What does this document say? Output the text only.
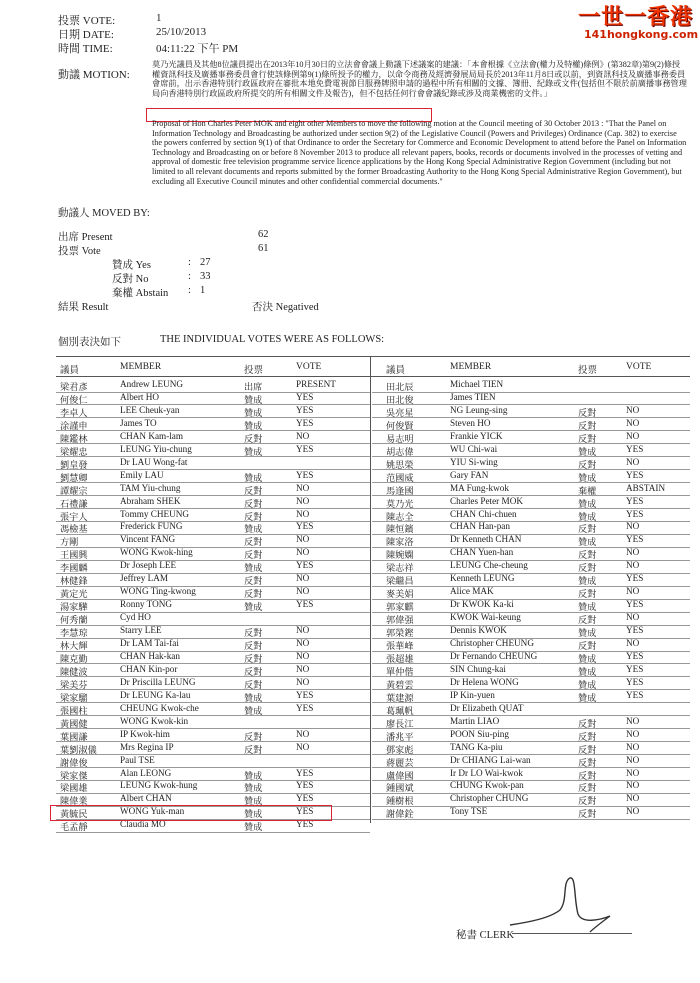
一世一香港
141hongkong.com
投票 VOTE:	1
日期 DATE:	25/10/2013
時間 TIME:	04:11:22 下午 PM
動議 MOTION:
莫乃光議員及其他8位議員提出在2013年10月30日的立法會會議上動議下述議案的建議：「本會根據《立法會(權力及特權)條例》(第382章)第9(2)條授權資訊科技及廣播事務委員會行使該條例第9(1)條所授予的權力，以命令商務及經濟發展局局長於2013年11月8日或以前，到資訊科技及廣播事務委員會席前，出示香港特別行政區政府在審批本地免費電視節目服務牌照申請的過程中所有相關的文據、簿冊、紀錄或文件(包括但不限於前廣播事務管理局向香港特別行政區政府所提交的所有相關文件及報告)，但不包括任何行會會議紀錄或涉及商業機密的文件。」
Proposal of Hon Charles Peter MOK and eight other Members to move the following motion at the Council meeting of 30 October 2013 : "That the Panel on Information Technology and Broadcasting be authorized under section 9(2) of the Legislative Council (Powers and Privileges) Ordinance (Cap. 382) to exercise the powers conferred by section 9(1) of that Ordinance to order the Secretary for Commerce and Economic Development to attend before the Panel on Information Technology and Broadcasting on or before 8 November 2013 to produce all relevant papers, books, records or documents involved in the processes of vetting and approval of domestic free television programme service licence applications by the Hong Kong Special Administrative Region Government (including but not limited to all relevant documents and reports submitted by the former Broadcasting Authority to the Hong Kong Special Administrative Region Government), but excluding all Executive Council minutes and other confidential commercial documents."
動議人 MOVED BY:
出席 Present	62
投票 Vote	61
贊成 Yes	: 27
反對 No	: 33
棄權 Abstain : 1
結果 Result	否決 Negatived
個別表決如下	THE INDIVIDUAL VOTES WERE AS FOLLOWS:
議員	MEMBER	投票	VOTE	議員	MEMBER	投票	VOTE
梁君彥	Andrew LEUNG	出席	PRESENT
何俊仁	Albert HO	贊成	YES
李卓人	LEE Cheuk-yan	贊成	YES
涂謹申	James TO	贊成	YES
陳鑑林	CHAN Kam-lam	反對	NO
梁耀忠	LEUNG Yiu-chung	贊成	YES
劉皇發	Dr LAU Wong-fat
劉慧卿	Emily LAU	贊成	YES
譚耀宗	TAM Yiu-chung	反對	NO
石禮謙	Abraham SHEK	反對	NO
張宇人	Tommy CHEUNG	反對	NO
馮檢基	Frederick FUNG	贊成	YES
方剛	Vincent FANG	反對	NO
王國興	WONG Kwok-hing	反對	NO
李國麟	Dr Joseph LEE	贊成	YES
林健鋒	Jeffrey LAM	反對	NO
黃定光	WONG Ting-kwong	反對	NO
湯家驊	Ronny TONG	贊成	YES
何秀蘭	Cyd HO
李慧琼	Starry LEE	反對	NO
林大輝	Dr LAM Tai-fai	反對	NO
陳克勤	CHAN Hak-kan	反對	NO
陳健波	CHAN Kin-por	反對	NO
梁美芬	Dr Priscilla LEUNG	反對	NO
梁家騮	Dr LEUNG Ka-lau	贊成	YES
張國柱	CHEUNG Kwok-che	贊成	YES
黃國健	WONG Kwok-kin
葉國謙	IP Kwok-him	反對	NO
葉劉淑儀	Mrs Regina IP	反對	NO
謝偉俊	Paul TSE
梁家傑	Alan LEONG	贊成	YES
梁國雄	LEUNG Kwok-hung	贊成	YES
陳偉業	Albert CHAN	贊成	YES
黃毓民	WONG Yuk-man	贊成	YES
毛孟靜	Claudia MO	贊成	YES
田北辰	Michael TIEN
田北俊	James TIEN
吳亮星	NG Leung-sing	反對	NO
何俊賢	Steven HO	反對	NO
易志明	Frankie YICK	反對	NO
胡志偉	WU Chi-wai	贊成	YES
姚思榮	YIU Si-wing	反對	NO
范國威	Gary FAN	贊成	YES
馬逢國	MA Fung-kwok	棄權	ABSTAIN
莫乃光	Charles Peter MOK	贊成	YES
陳志全	CHAN Chi-chuen	贊成	YES
陳恒鑌	CHAN Han-pan	反對	NO
陳家洛	Dr Kenneth CHAN	贊成	YES
陳婉嫻	CHAN Yuen-han	反對	NO
梁志祥	LEUNG Che-cheung	反對	NO
梁繼昌	Kenneth LEUNG	贊成	YES
麥美娟	Alice MAK	反對	NO
郭家麒	Dr KWOK Ka-ki	贊成	YES
郭偉强	KWOK Wai-keung	反對	NO
郭榮鏗	Dennis KWOK	贊成	YES
張華峰	Christopher CHEUNG	反對	NO
張超雄	Dr Fernando CHEUNG	贊成	YES
單仲偕	SIN Chung-kai	贊成	YES
黃碧雲	Dr Helena WONG	贊成	YES
葉建源	IP Kin-yuen	贊成	YES
葛珮帆	Dr Elizabeth QUAT
廖長江	Martin LIAO	反對	NO
潘兆平	POON Siu-ping	反對	NO
鄧家彪	TANG Ka-piu	反對	NO
蔣麗芸	Dr CHIANG Lai-wan	反對	NO
盧偉國	Ir Dr LO Wai-kwok	反對	NO
鍾國斌	CHUNG Kwok-pan	反對	NO
鍾樹根	Christopher CHUNG	反對	NO
謝偉銓	Tony TSE	反對	NO
秘書 CLERK
